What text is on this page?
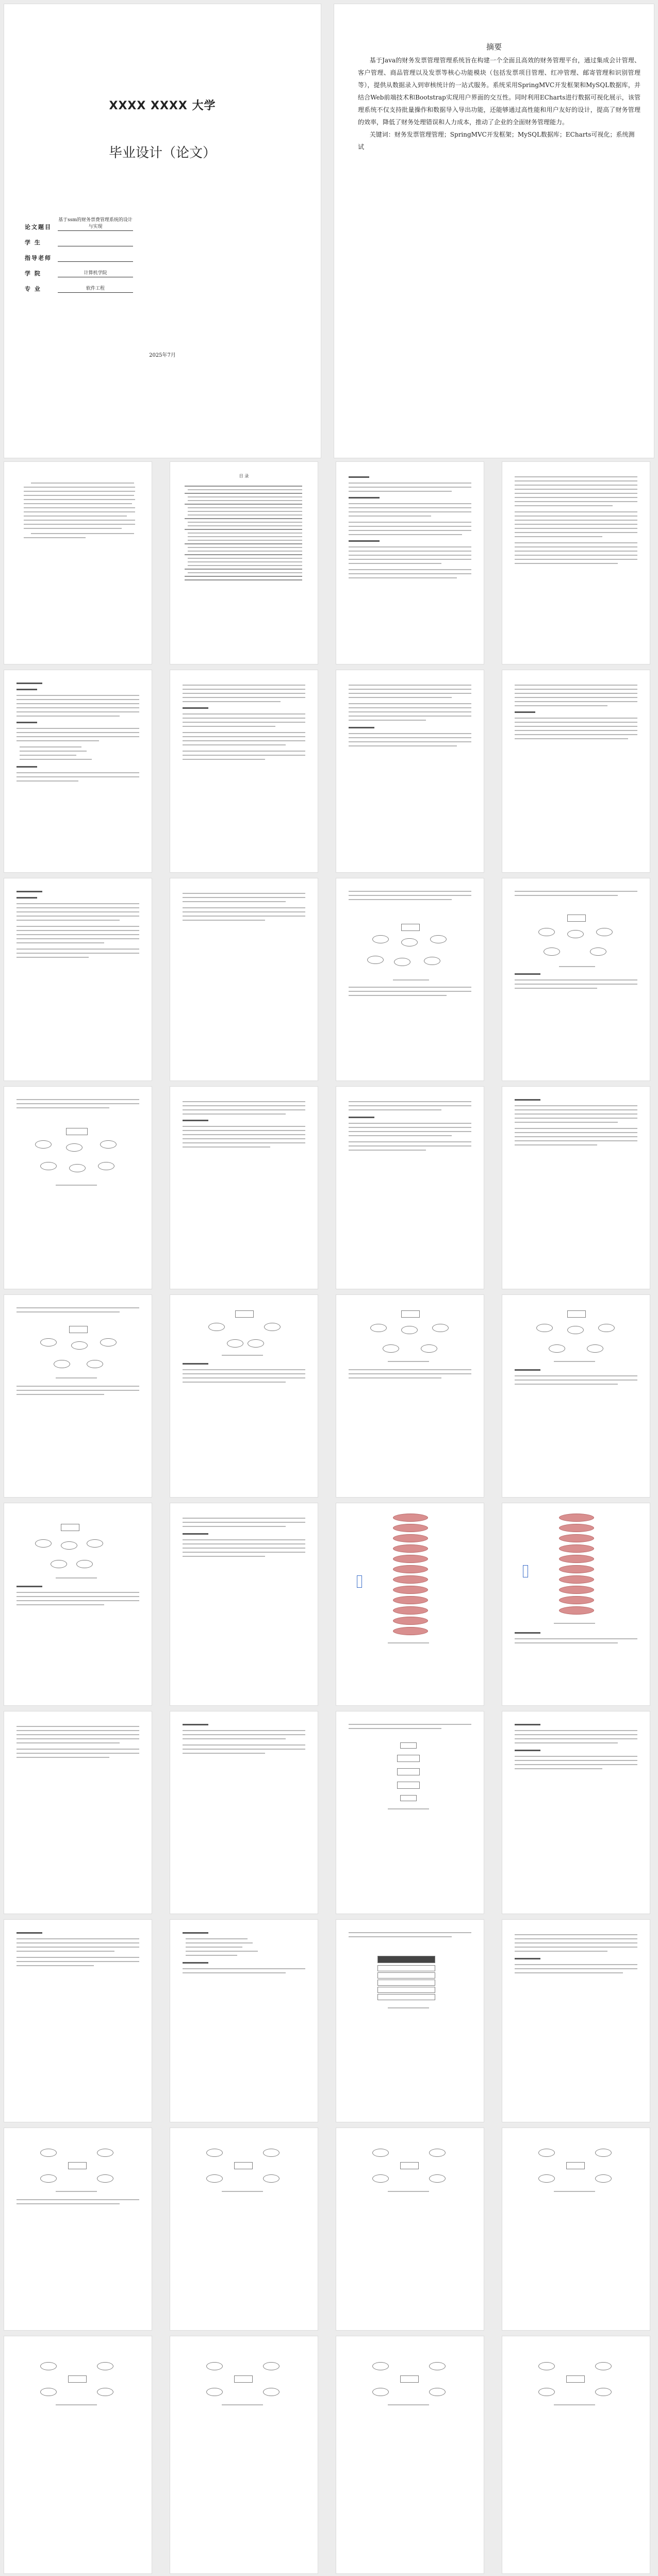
XXXX XXXX 大学
毕业设计（论文）
论文题目
基于ssm的财务票费管理系统的设计与实现
学 生
指导老师
学 院	计算机学院
专 业	软件工程
2025年7月
摘要
基于Java的财务发票管理管理系统旨在构建一个全面且高效的财务管理平台，通过集成会计管理、客户管理、商品管理以及发票等核心功能模块（包括发票项目管理、红冲管理、邮寄管理和识别管理等），提供从数据录入到审核统计的一站式服务。系统采用SpringMVC开发框架和MySQL数据库，并结合Web前端技术和Bootstrap实现用户界面的交互性。同时利用ECharts进行数据可视化展示，该管理系统不仅支持批量操作和数据导入导出功能，还能够通过高性能和用户友好的设计，提高了财务管理的效率，降低了财务处理错误和人力成本，推动了企业的全面财务管理能力。
关键词：财务发票管理管理；SpringMVC开发框架；MySQL数据库；ECharts可视化；系统测试
目 录
